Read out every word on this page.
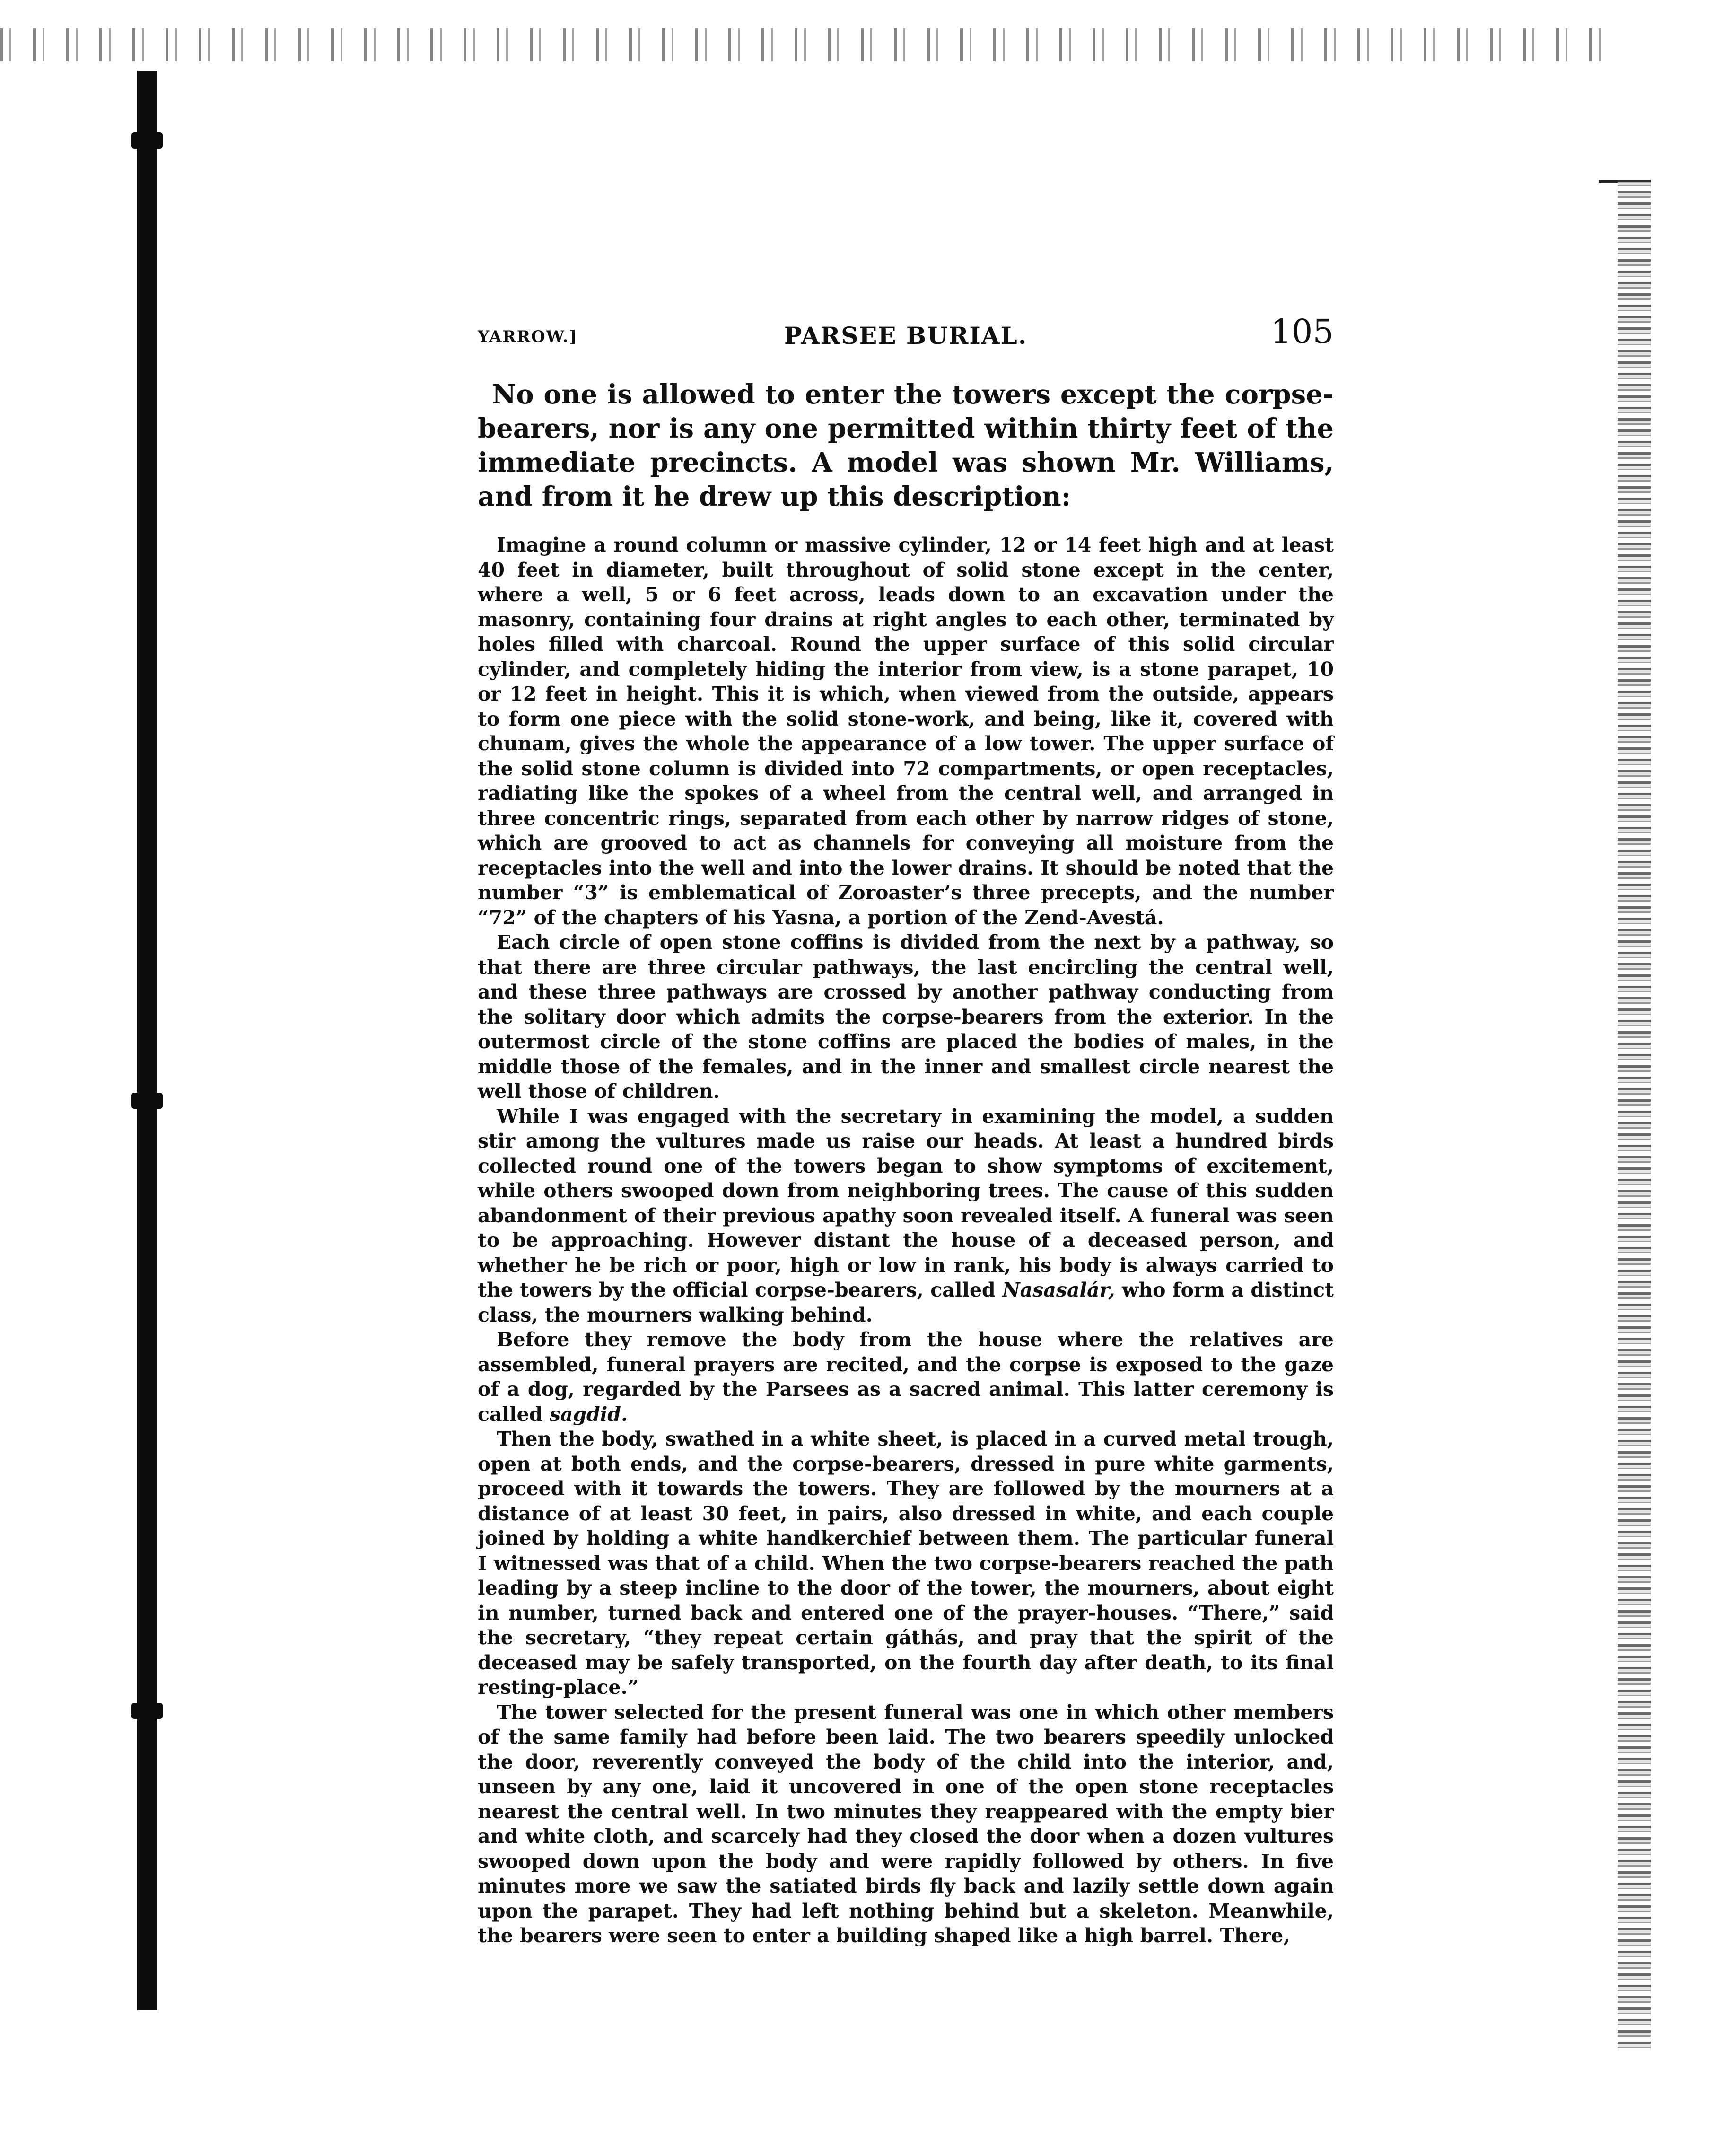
YARROW.]	PARSEE BURIAL.	105

No one is allowed to enter the towers except the corpse-bearers, nor is any one permitted within thirty feet of the immediate precincts. A model was shown Mr. Williams, and from it he drew up this description:

Imagine a round column or massive cylinder, 12 or 14 feet high and at least 40 feet in diameter, built throughout of solid stone except in the center, where a well, 5 or 6 feet across, leads down to an excavation under the masonry, containing four drains at right angles to each other, terminated by holes filled with charcoal. Round the upper surface of this solid circular cylinder, and completely hiding the interior from view, is a stone parapet, 10 or 12 feet in height. This it is which, when viewed from the outside, appears to form one piece with the solid stone-work, and being, like it, covered with chunam, gives the whole the appearance of a low tower. The upper surface of the solid stone column is divided into 72 compartments, or open receptacles, radiating like the spokes of a wheel from the central well, and arranged in three concentric rings, separated from each other by narrow ridges of stone, which are grooved to act as channels for conveying all moisture from the receptacles into the well and into the lower drains. It should be noted that the number “3” is emblematical of Zoroaster’s three precepts, and the number “72” of the chapters of his Yasna, a portion of the Zend-Avestá.

Each circle of open stone coffins is divided from the next by a pathway, so that there are three circular pathways, the last encircling the central well, and these three pathways are crossed by another pathway conducting from the solitary door which admits the corpse-bearers from the exterior. In the outermost circle of the stone coffins are placed the bodies of males, in the middle those of the females, and in the inner and smallest circle nearest the well those of children.

While I was engaged with the secretary in examining the model, a sudden stir among the vultures made us raise our heads. At least a hundred birds collected round one of the towers began to show symptoms of excitement, while others swooped down from neighboring trees. The cause of this sudden abandonment of their previous apathy soon revealed itself. A funeral was seen to be approaching. However distant the house of a deceased person, and whether he be rich or poor, high or low in rank, his body is always carried to the towers by the official corpse-bearers, called Nasasalár, who form a distinct class, the mourners walking behind.

Before they remove the body from the house where the relatives are assembled, funeral prayers are recited, and the corpse is exposed to the gaze of a dog, regarded by the Parsees as a sacred animal. This latter ceremony is called sagdid.

Then the body, swathed in a white sheet, is placed in a curved metal trough, open at both ends, and the corpse-bearers, dressed in pure white garments, proceed with it towards the towers. They are followed by the mourners at a distance of at least 30 feet, in pairs, also dressed in white, and each couple joined by holding a white handkerchief between them. The particular funeral I witnessed was that of a child. When the two corpse-bearers reached the path leading by a steep incline to the door of the tower, the mourners, about eight in number, turned back and entered one of the prayer-houses. “There,” said the secretary, “they repeat certain gáthás, and pray that the spirit of the deceased may be safely transported, on the fourth day after death, to its final resting-place.”

The tower selected for the present funeral was one in which other members of the same family had before been laid. The two bearers speedily unlocked the door, reverently conveyed the body of the child into the interior, and, unseen by any one, laid it uncovered in one of the open stone receptacles nearest the central well. In two minutes they reappeared with the empty bier and white cloth, and scarcely had they closed the door when a dozen vultures swooped down upon the body and were rapidly followed by others. In five minutes more we saw the satiated birds fly back and lazily settle down again upon the parapet. They had left nothing behind but a skeleton. Meanwhile, the bearers were seen to enter a building shaped like a high barrel. There,
